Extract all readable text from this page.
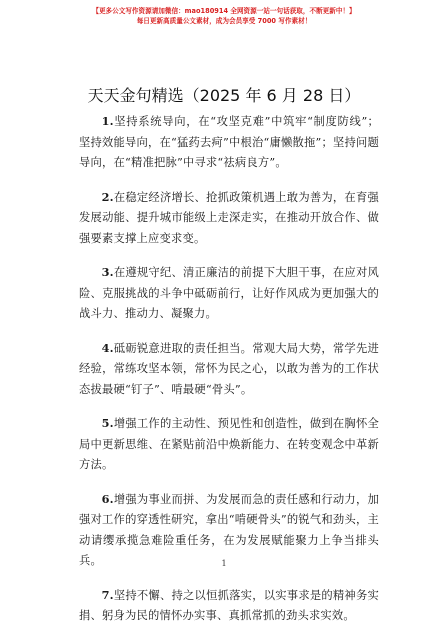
【更多公文写作资源请加微信：mao180914 全网资源一站一句话获取，不断更新中！】
每日更新高质量公文素材，成为会员享受 7000 写作素材！
天天金句精选（2025 年 6 月 28 日）

1.坚持系统导向，在“攻坚克难”中筑牢“制度防线”；坚持效能导向，在“猛药去疴”中根治“庸懒散拖”；坚持问题导向，在“精准把脉”中寻求“祛病良方”。

2.在稳定经济增长、抢抓政策机遇上敢为善为，在育强发展动能、提升城市能级上走深走实，在推动开放合作、做强要素支撑上应变求变。

3.在遵规守纪、清正廉洁的前提下大胆干事，在应对风险、克服挑战的斗争中砥砺前行，让好作风成为更加强大的战斗力、推动力、凝聚力。

4.砥砺锐意进取的责任担当。常观大局大势，常学先进经验，常练攻坚本领，常怀为民之心，以敢为善为的工作状态拔最硬“钉子”、啃最硬“骨头”。

5.增强工作的主动性、预见性和创造性，做到在胸怀全局中更新思维、在紧贴前沿中焕新能力、在转变观念中革新方法。

6.增强为事业而拼、为发展而急的责任感和行动力，加强对工作的穿透性研究，拿出“啃硬骨头”的锐气和劲头，主动请缨承揽急难险重任务，在为发展赋能聚力上争当排头兵。

7.坚持不懈、持之以恒抓落实，以实事求是的精神务实捐、躬身为民的情怀办实事、真抓常抓的劲头求实效。

1
